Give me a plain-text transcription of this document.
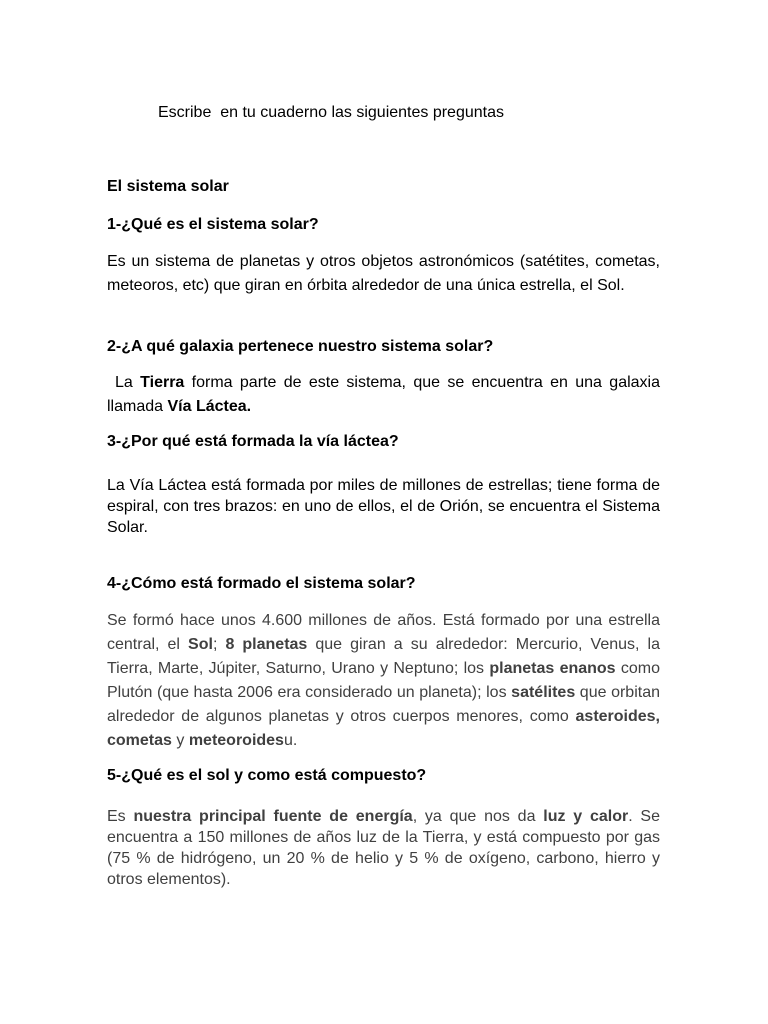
Escribe  en tu cuaderno las siguientes preguntas

El sistema solar

1-¿Qué es el sistema solar?

Es un sistema de planetas y otros objetos astronómicos (satétites, cometas, meteoros, etc) que giran en órbita alrededor de una única estrella, el Sol.

2-¿A qué galaxia pertenece nuestro sistema solar?

La Tierra forma parte de este sistema, que se encuentra en una galaxia llamada Vía Láctea.

3-¿Por qué está formada la vía láctea?

La Vía Láctea está formada por miles de millones de estrellas; tiene forma de espiral, con tres brazos: en uno de ellos, el de Orión, se encuentra el Sistema Solar.

4-¿Cómo está formado el sistema solar?

Se formó hace unos 4.600 millones de años. Está formado por una estrella central, el Sol; 8 planetas que giran a su alrededor: Mercurio, Venus, la Tierra, Marte, Júpiter, Saturno, Urano y Neptuno; los planetas enanos como Plutón (que hasta 2006 era considerado un planeta); los satélites que orbitan alrededor de algunos planetas y otros cuerpos menores, como asteroides, cometas y meteoroidesu.

5-¿Qué es el sol y como está compuesto?

Es nuestra principal fuente de energía, ya que nos da luz y calor. Se encuentra a 150 millones de años luz de la Tierra, y está compuesto por gas (75 % de hidrógeno, un 20 % de helio y 5 % de oxígeno, carbono, hierro y otros elementos).
